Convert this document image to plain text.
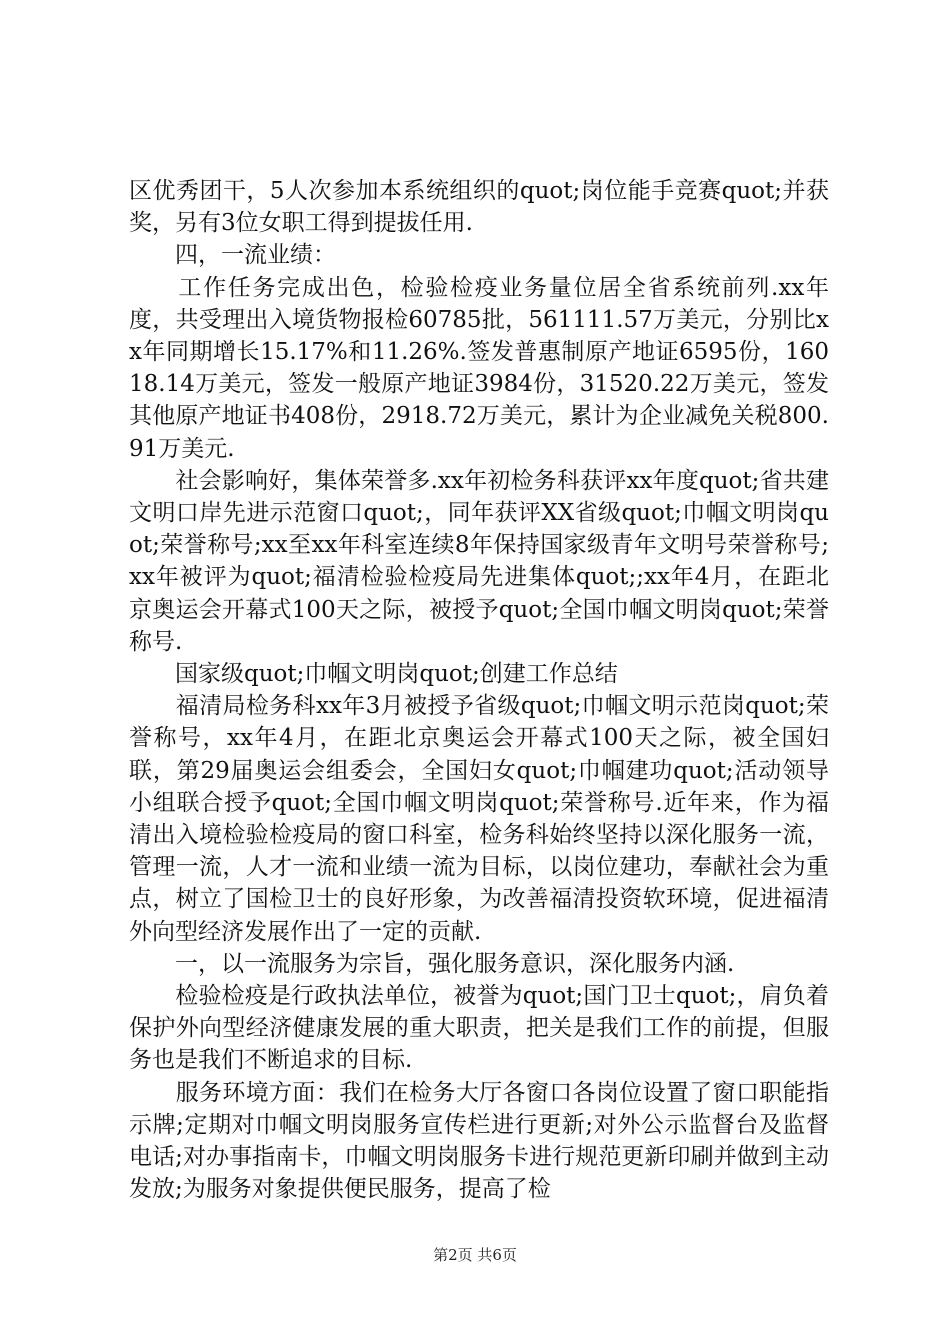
区优秀团干，5人次参加本系统组织的quot;岗位能手竞赛quot;并获奖，另有3位女职工得到提拔任用.

　　四，一流业绩：

　　工作任务完成出色，检验检疫业务量位居全省系统前列.xx年度，共受理出入境货物报检60785批，561111.57万美元，分别比xx年同期增长15.17%和11.26%.签发普惠制原产地证6595份，16018.14万美元，签发一般原产地证3984份，31520.22万美元，签发其他原产地证书408份，2918.72万美元，累计为企业减免关税800.91万美元.

　　社会影响好，集体荣誉多.xx年初检务科获评xx年度quot;省共建文明口岸先进示范窗口quot;，同年获评XX省级quot;巾帼文明岗quot;荣誉称号;xx至xx年科室连续8年保持国家级青年文明号荣誉称号;xx年被评为quot;福清检验检疫局先进集体quot;;xx年4月，在距北京奥运会开幕式100天之际，被授予quot;全国巾帼文明岗quot;荣誉称号.

　　国家级quot;巾帼文明岗quot;创建工作总结

　　福清局检务科xx年3月被授予省级quot;巾帼文明示范岗quot;荣誉称号，xx年4月，在距北京奥运会开幕式100天之际，被全国妇联，第29届奥运会组委会，全国妇女quot;巾帼建功quot;活动领导小组联合授予quot;全国巾帼文明岗quot;荣誉称号.近年来，作为福清出入境检验检疫局的窗口科室，检务科始终坚持以深化服务一流，管理一流，人才一流和业绩一流为目标，以岗位建功，奉献社会为重点，树立了国检卫士的良好形象，为改善福清投资软环境，促进福清外向型经济发展作出了一定的贡献.

　　一，以一流服务为宗旨，强化服务意识，深化服务内涵.

　　检验检疫是行政执法单位，被誉为quot;国门卫士quot;，肩负着保护外向型经济健康发展的重大职责，把关是我们工作的前提，但服务也是我们不断追求的目标.

　　服务环境方面：我们在检务大厅各窗口各岗位设置了窗口职能指示牌;定期对巾帼文明岗服务宣传栏进行更新;对外公示监督台及监督电话;对办事指南卡，巾帼文明岗服务卡进行规范更新印刷并做到主动发放;为服务对象提供便民服务，提高了检

第2页 共6页
